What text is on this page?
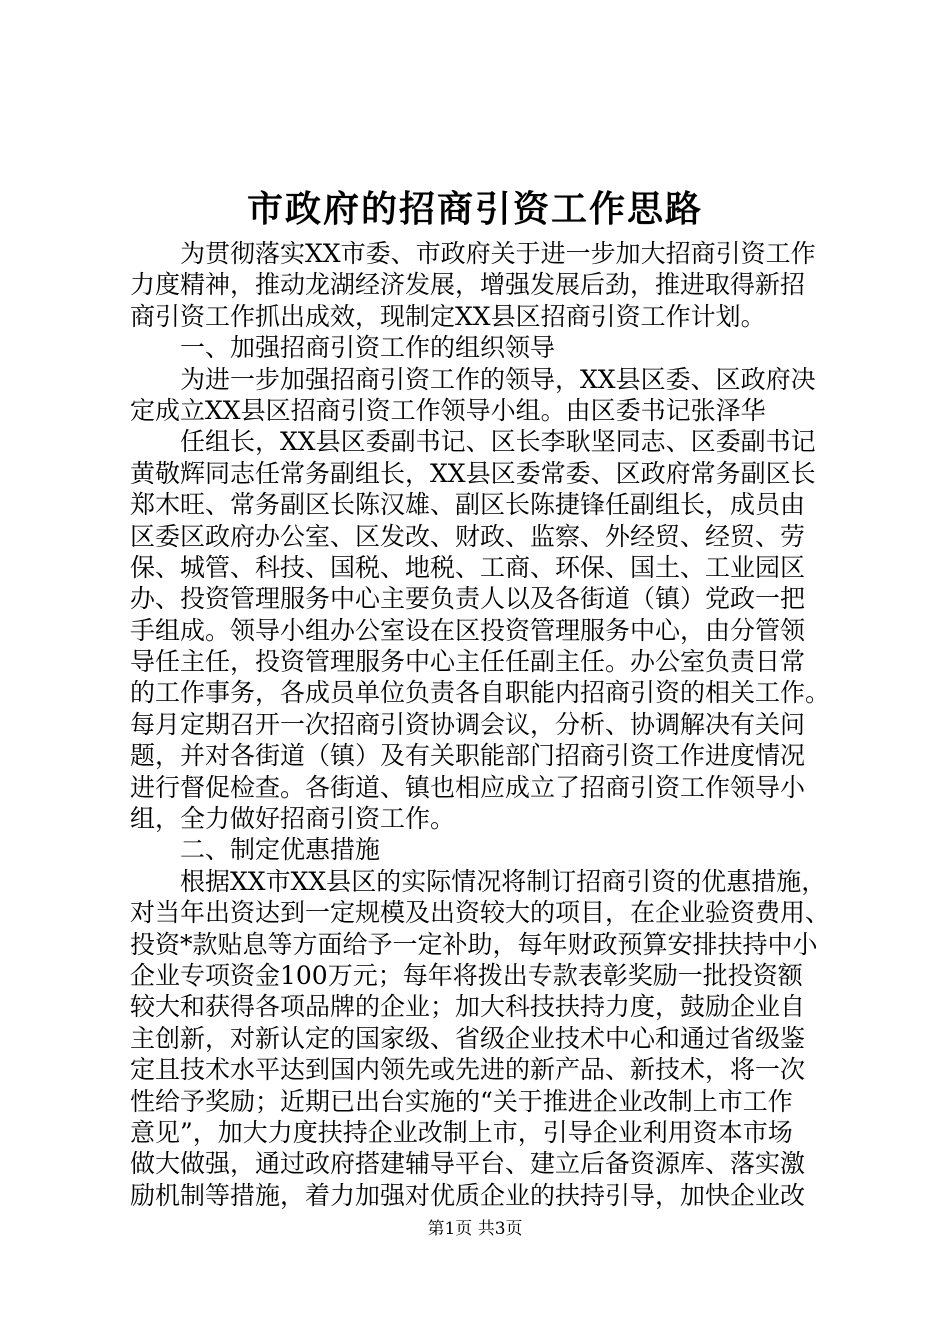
市政府的招商引资工作思路
为贯彻落实XX市委、市政府关于进一步加大招商引资工作
力度精神，推动龙湖经济发展，增强发展后劲，推进取得新招
商引资工作抓出成效，现制定XX县区招商引资工作计划。
一、加强招商引资工作的组织领导
为进一步加强招商引资工作的领导，XX县区委、区政府决
定成立XX县区招商引资工作领导小组。由区委书记张泽华
任组长，XX县区委副书记、区长李耿坚同志、区委副书记
黄敬辉同志任常务副组长，XX县区委常委、区政府常务副区长
郑木旺、常务副区长陈汉雄、副区长陈捷锋任副组长，成员由
区委区政府办公室、区发改、财政、监察、外经贸、经贸、劳
保、城管、科技、国税、地税、工商、环保、国土、工业园区
办、投资管理服务中心主要负责人以及各街道（镇）党政一把
手组成。领导小组办公室设在区投资管理服务中心，由分管领
导任主任，投资管理服务中心主任任副主任。办公室负责日常
的工作事务，各成员单位负责各自职能内招商引资的相关工作。
每月定期召开一次招商引资协调会议，分析、协调解决有关问
题，并对各街道（镇）及有关职能部门招商引资工作进度情况
进行督促检查。各街道、镇也相应成立了招商引资工作领导小
组，全力做好招商引资工作。
二、制定优惠措施
根据XX市XX县区的实际情况将制订招商引资的优惠措施，
对当年出资达到一定规模及出资较大的项目，在企业验资费用、
投资*款贴息等方面给予一定补助，每年财政预算安排扶持中小
企业专项资金100万元；每年将拨出专款表彰奖励一批投资额
较大和获得各项品牌的企业；加大科技扶持力度，鼓励企业自
主创新，对新认定的国家级、省级企业技术中心和通过省级鉴
定且技术水平达到国内领先或先进的新产品、新技术，将一次
性给予奖励；近期已出台实施的“关于推进企业改制上市工作
意见”，加大力度扶持企业改制上市，引导企业利用资本市场
做大做强，通过政府搭建辅导平台、建立后备资源库、落实激
励机制等措施，着力加强对优质企业的扶持引导，加快企业改
第1页 共3页
